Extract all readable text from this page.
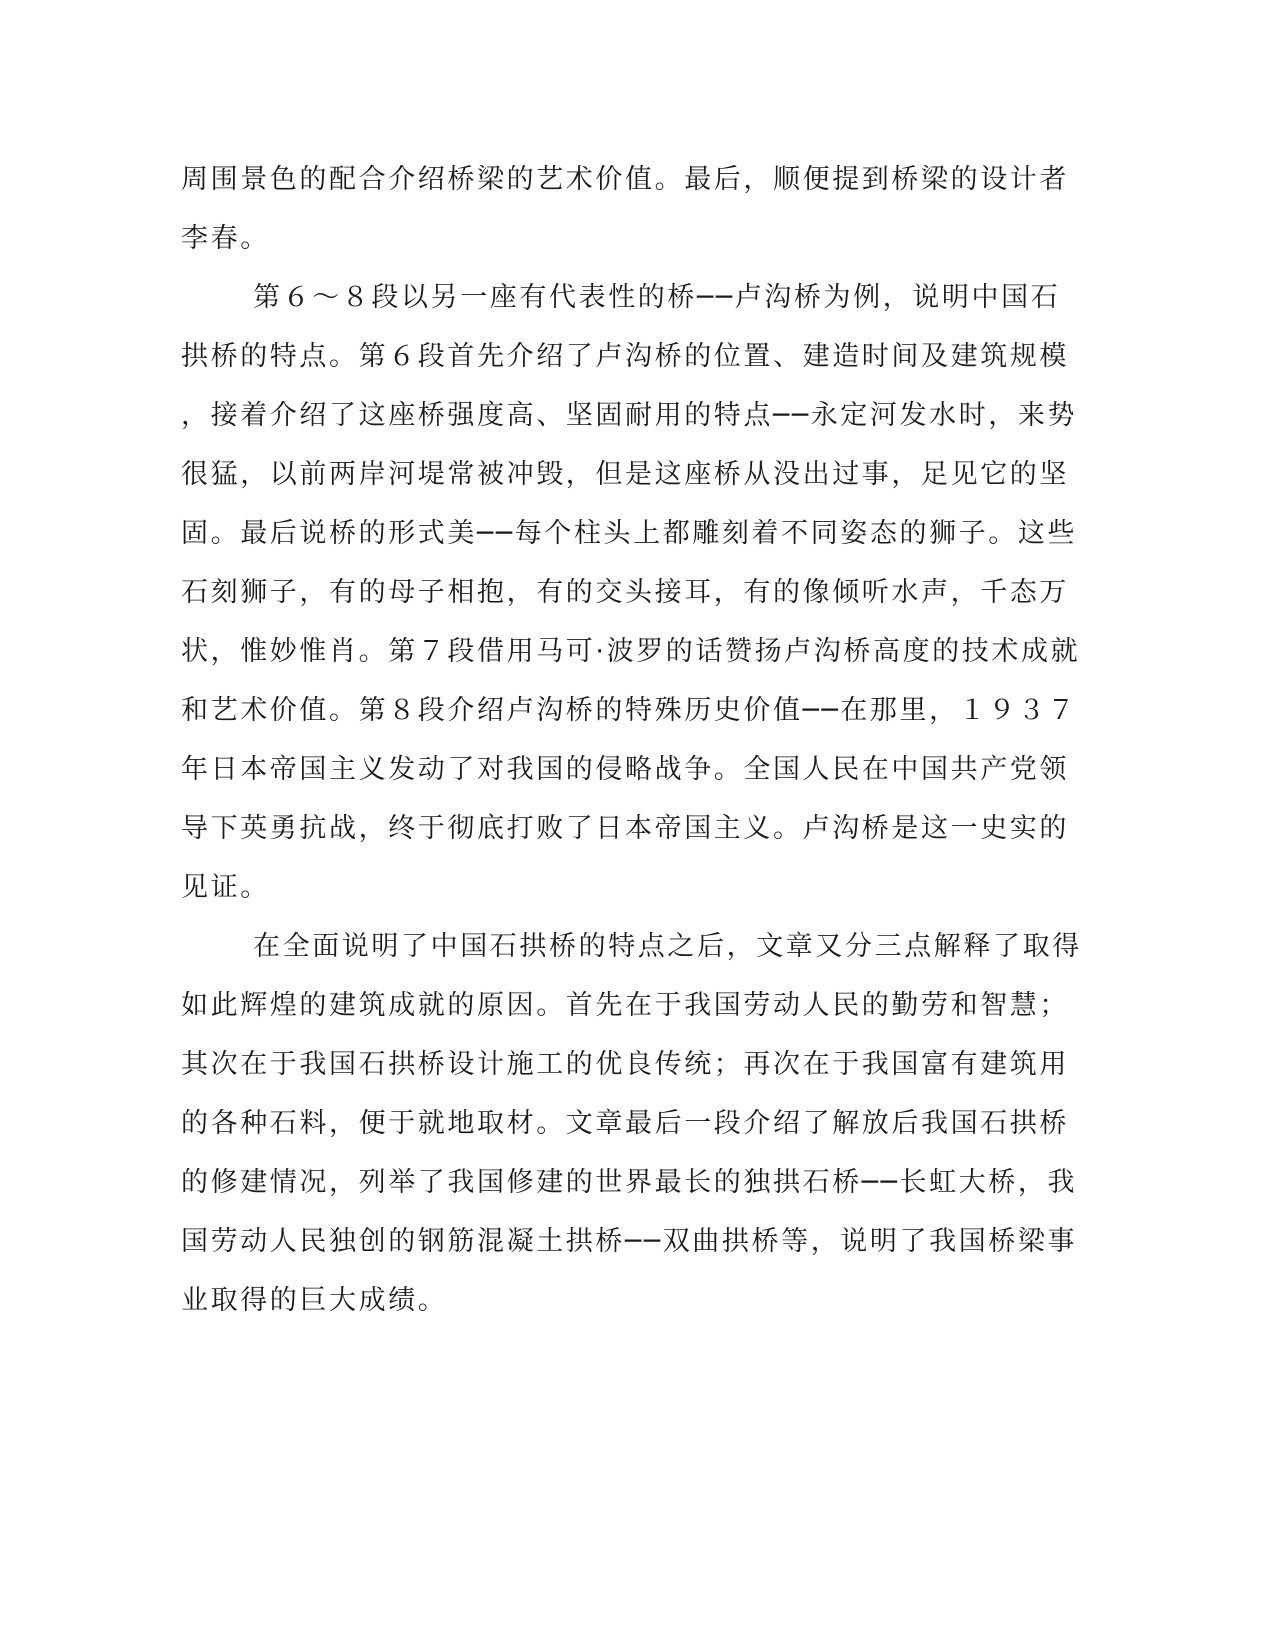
周围景色的配合介绍桥梁的艺术价值。最后，顺便提到桥梁的设计者
李春。
第６～８段以另一座有代表性的桥──卢沟桥为例，说明中国石
拱桥的特点。第６段首先介绍了卢沟桥的位置、建造时间及建筑规模
，接着介绍了这座桥强度高、坚固耐用的特点──永定河发水时，来势
很猛，以前两岸河堤常被冲毁，但是这座桥从没出过事，足见它的坚
固。最后说桥的形式美──每个柱头上都雕刻着不同姿态的狮子。这些
石刻狮子，有的母子相抱，有的交头接耳，有的像倾听水声，千态万
状，惟妙惟肖。第７段借用马可·波罗的话赞扬卢沟桥高度的技术成就
和艺术价值。第８段介绍卢沟桥的特殊历史价值──在那里，１９３７
年日本帝国主义发动了对我国的侵略战争。全国人民在中国共产党领
导下英勇抗战，终于彻底打败了日本帝国主义。卢沟桥是这一史实的
见证。
在全面说明了中国石拱桥的特点之后，文章又分三点解释了取得
如此辉煌的建筑成就的原因。首先在于我国劳动人民的勤劳和智慧；
其次在于我国石拱桥设计施工的优良传统；再次在于我国富有建筑用
的各种石料，便于就地取材。文章最后一段介绍了解放后我国石拱桥
的修建情况，列举了我国修建的世界最长的独拱石桥──长虹大桥，我
国劳动人民独创的钢筋混凝土拱桥──双曲拱桥等，说明了我国桥梁事
业取得的巨大成绩。
